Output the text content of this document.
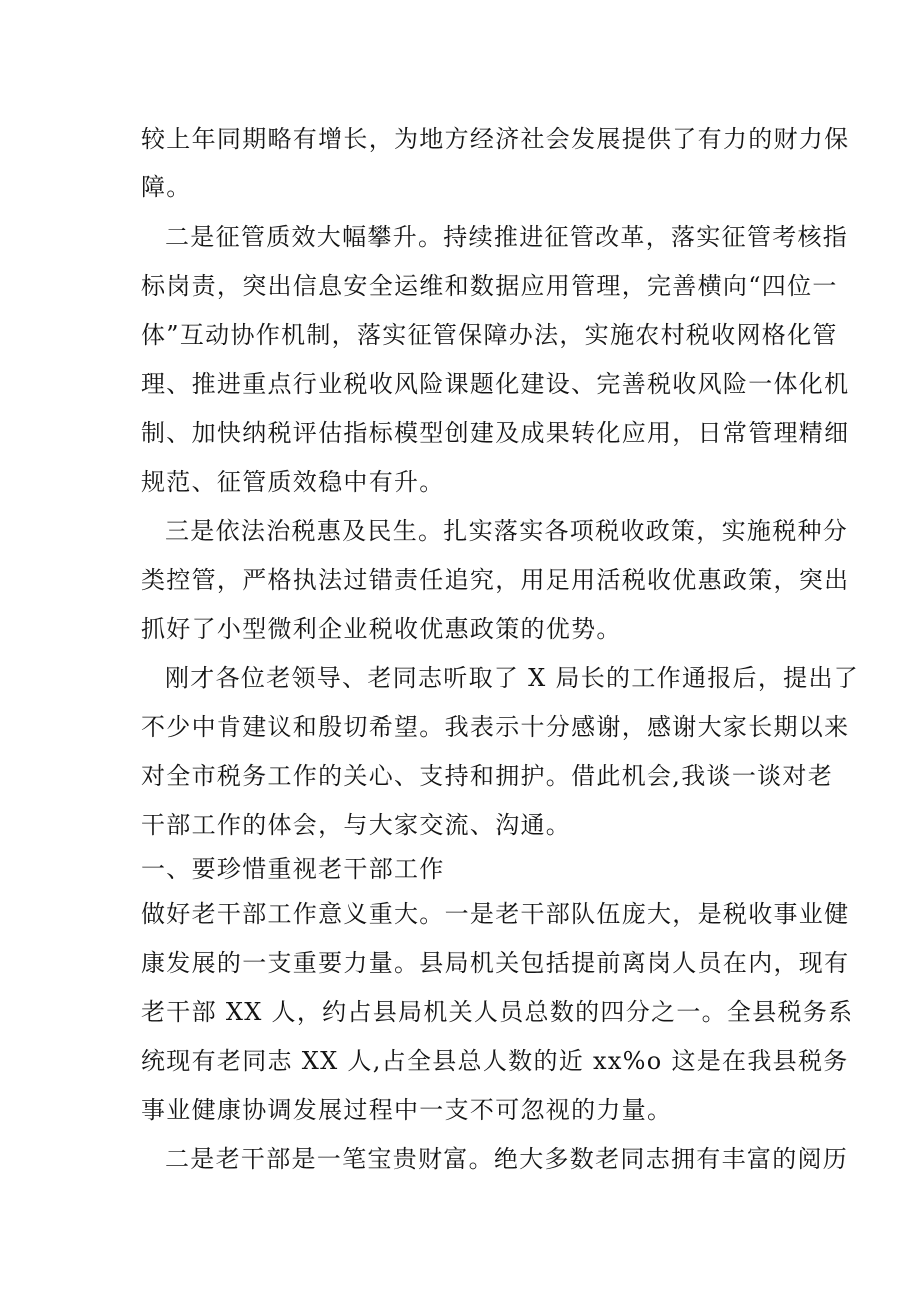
较上年同期略有增长，为地方经济社会发展提供了有力的财力保
障。
二是征管质效大幅攀升。持续推进征管改革，落实征管考核指
标岗责，突出信息安全运维和数据应用管理，完善横向“四位一
体”互动协作机制，落实征管保障办法，实施农村税收网格化管
理、推进重点行业税收风险课题化建设、完善税收风险一体化机
制、加快纳税评估指标模型创建及成果转化应用，日常管理精细
规范、征管质效稳中有升。
三是依法治税惠及民生。扎实落实各项税收政策，实施税种分
类控管，严格执法过错责任追究，用足用活税收优惠政策，突出
抓好了小型微利企业税收优惠政策的优势。
刚才各位老领导、老同志听取了 X 局长的工作通报后，提出了
不少中肯建议和殷切希望。我表示十分感谢，感谢大家长期以来
对全市税务工作的关心、支持和拥护。借此机会,我谈一谈对老
干部工作的体会，与大家交流、沟通。
一、要珍惜重视老干部工作
做好老干部工作意义重大。一是老干部队伍庞大，是税收事业健
康发展的一支重要力量。县局机关包括提前离岗人员在内，现有
老干部 XX 人，约占县局机关人员总数的四分之一。全县税务系
统现有老同志 XX 人,占全县总人数的近 xx%o 这是在我县税务
事业健康协调发展过程中一支不可忽视的力量。
二是老干部是一笔宝贵财富。绝大多数老同志拥有丰富的阅历
